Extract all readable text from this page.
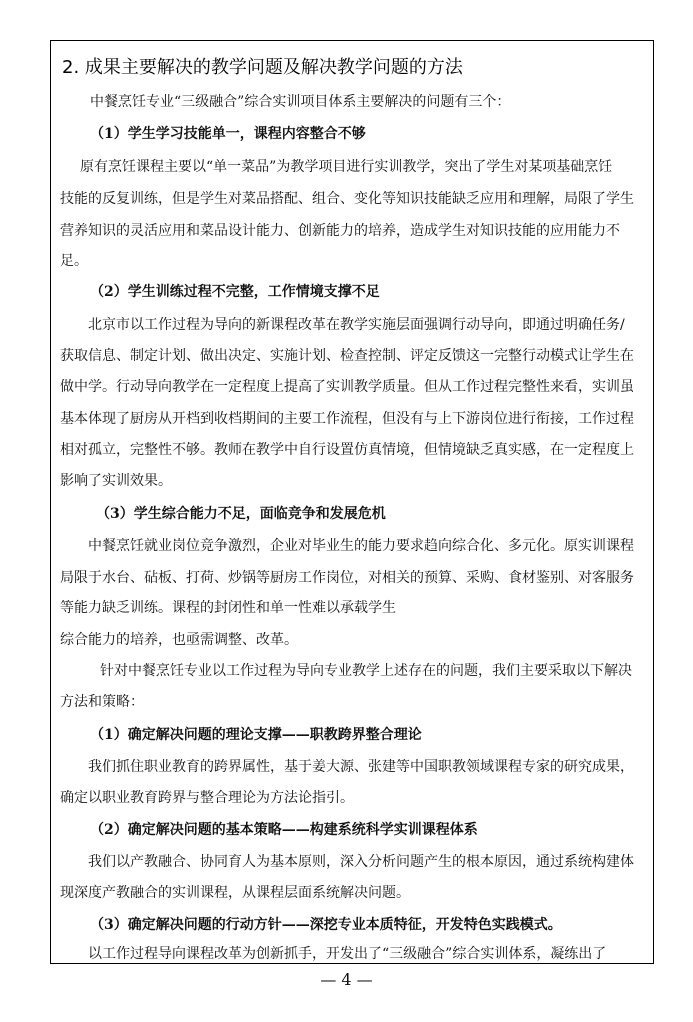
2. 成果主要解决的教学问题及解决教学问题的方法
中餐烹饪专业“三级融合”综合实训项目体系主要解决的问题有三个：
（1）学生学习技能单一，课程内容整合不够
原有烹饪课程主要以“单一菜品”为教学项目进行实训教学，突出了学生对某项基础烹饪
技能的反复训练，但是学生对菜品搭配、组合、变化等知识技能缺乏应用和理解，局限了学生
营养知识的灵活应用和菜品设计能力、创新能力的培养，造成学生对知识技能的应用能力不
足。
（2）学生训练过程不完整，工作情境支撑不足
北京市以工作过程为导向的新课程改革在教学实施层面强调行动导向，即通过明确任务/
获取信息、制定计划、做出决定、实施计划、检查控制、评定反馈这一完整行动模式让学生在
做中学。行动导向教学在一定程度上提高了实训教学质量。但从工作过程完整性来看，实训虽
基本体现了厨房从开档到收档期间的主要工作流程，但没有与上下游岗位进行衔接，工作过程
相对孤立，完整性不够。教师在教学中自行设置仿真情境，但情境缺乏真实感，在一定程度上
影响了实训效果。
（3）学生综合能力不足，面临竞争和发展危机
中餐烹饪就业岗位竞争激烈，企业对毕业生的能力要求趋向综合化、多元化。原实训课程
局限于水台、砧板、打荷、炒锅等厨房工作岗位，对相关的预算、采购、食材鉴别、对客服务
等能力缺乏训练。课程的封闭性和单一性难以承载学生
综合能力的培养，也亟需调整、改革。
针对中餐烹饪专业以工作过程为导向专业教学上述存在的问题，我们主要采取以下解决
方法和策略：
（1）确定解决问题的理论支撑——职教跨界整合理论
我们抓住职业教育的跨界属性，基于姜大源、张建等中国职教领域课程专家的研究成果，
确定以职业教育跨界与整合理论为方法论指引。
（2）确定解决问题的基本策略——构建系统科学实训课程体系
我们以产教融合、协同育人为基本原则，深入分析问题产生的根本原因，通过系统构建体
现深度产教融合的实训课程，从课程层面系统解决问题。
（3）确定解决问题的行动方针——深挖专业本质特征，开发特色实践模式。
以工作过程导向课程改革为创新抓手，开发出了“三级融合”综合实训体系，凝练出了
— 4 —
